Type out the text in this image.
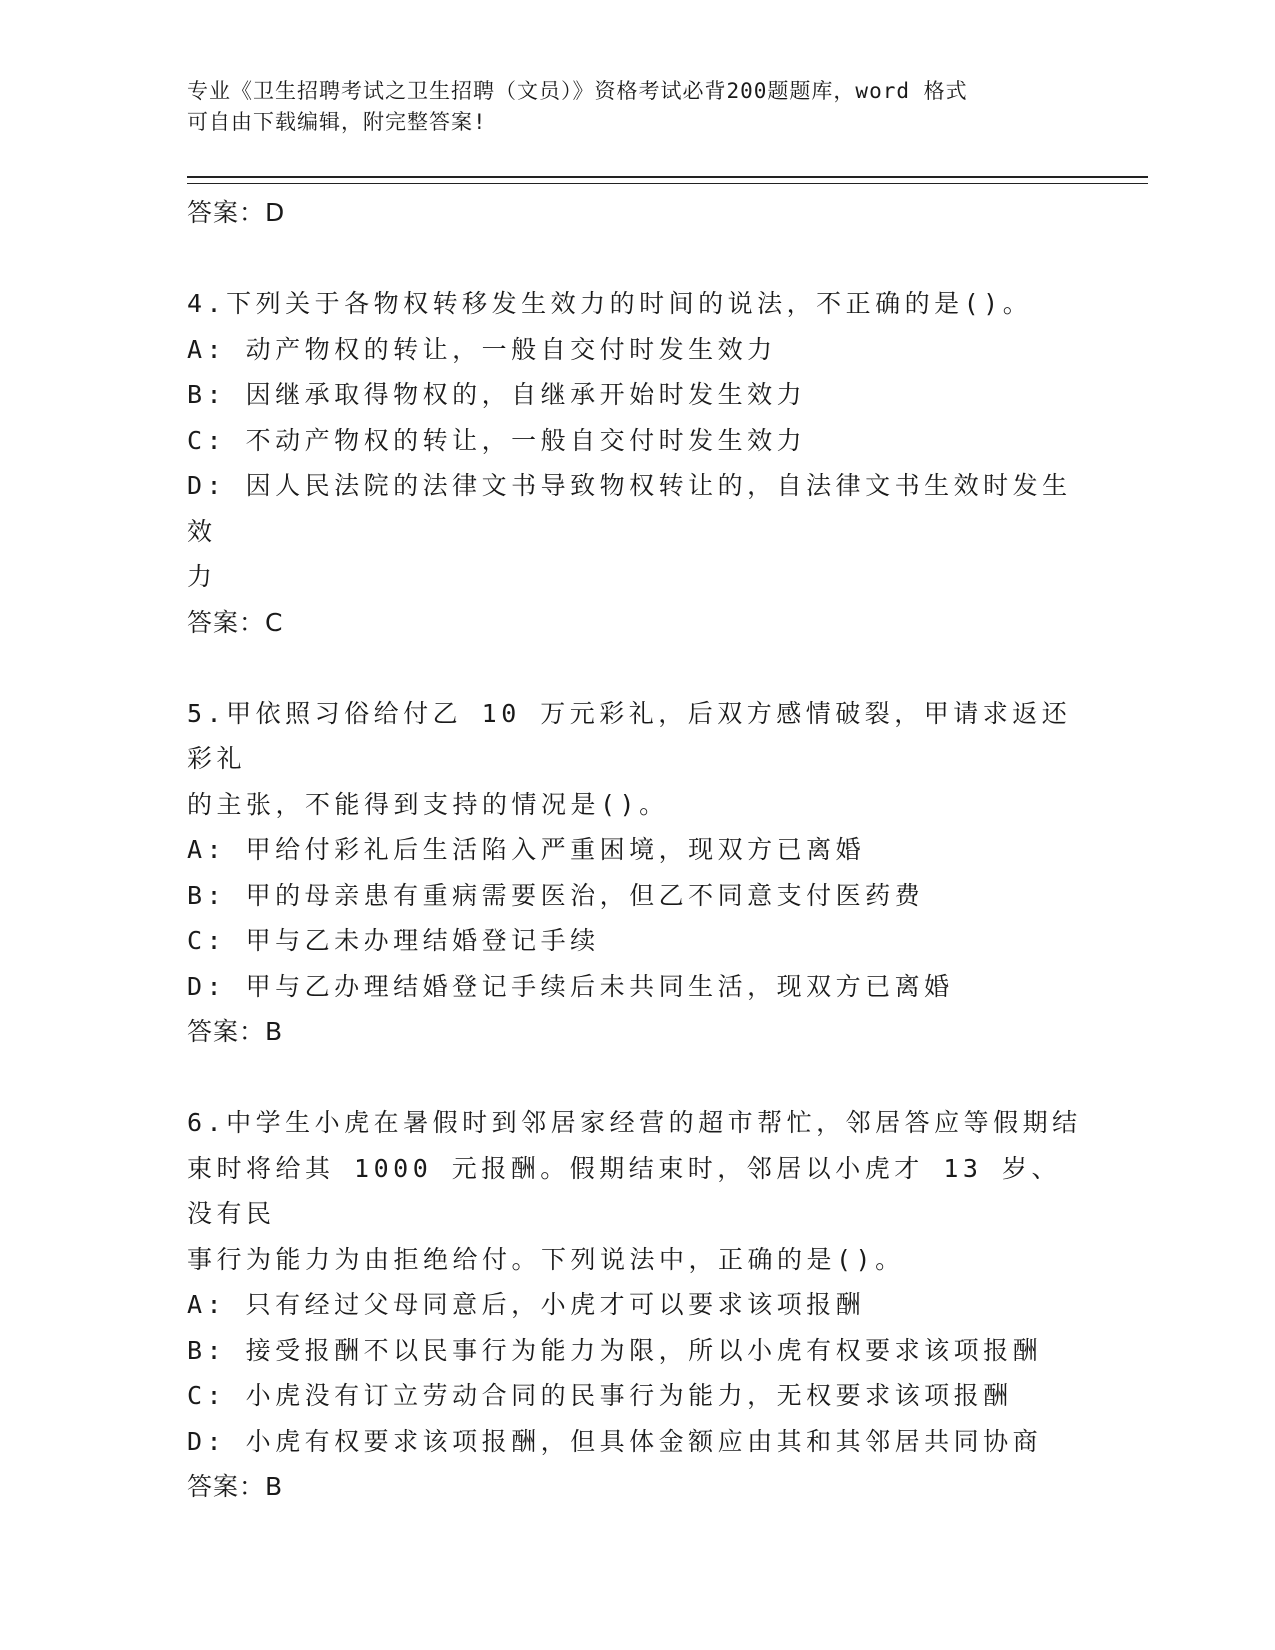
专业《卫生招聘考试之卫生招聘（文员）》资格考试必背200题题库，word 格式
可自由下载编辑，附完整答案!
答案：D
4.下列关于各物权转移发生效力的时间的说法，不正确的是()。
A: 动产物权的转让，一般自交付时发生效力
B: 因继承取得物权的，自继承开始时发生效力
C: 不动产物权的转让，一般自交付时发生效力
D: 因人民法院的法律文书导致物权转让的，自法律文书生效时发生效
力
答案：C
5.甲依照习俗给付乙 10 万元彩礼，后双方感情破裂，甲请求返还彩礼
的主张，不能得到支持的情况是()。
A: 甲给付彩礼后生活陷入严重困境，现双方已离婚
B: 甲的母亲患有重病需要医治，但乙不同意支付医药费
C: 甲与乙未办理结婚登记手续
D: 甲与乙办理结婚登记手续后未共同生活，现双方已离婚
答案：B
6.中学生小虎在暑假时到邻居家经营的超市帮忙，邻居答应等假期结
束时将给其 1000 元报酬。假期结束时，邻居以小虎才 13 岁、没有民
事行为能力为由拒绝给付。下列说法中，正确的是()。
A: 只有经过父母同意后，小虎才可以要求该项报酬
B: 接受报酬不以民事行为能力为限，所以小虎有权要求该项报酬
C: 小虎没有订立劳动合同的民事行为能力，无权要求该项报酬
D: 小虎有权要求该项报酬，但具体金额应由其和其邻居共同协商
答案：B
